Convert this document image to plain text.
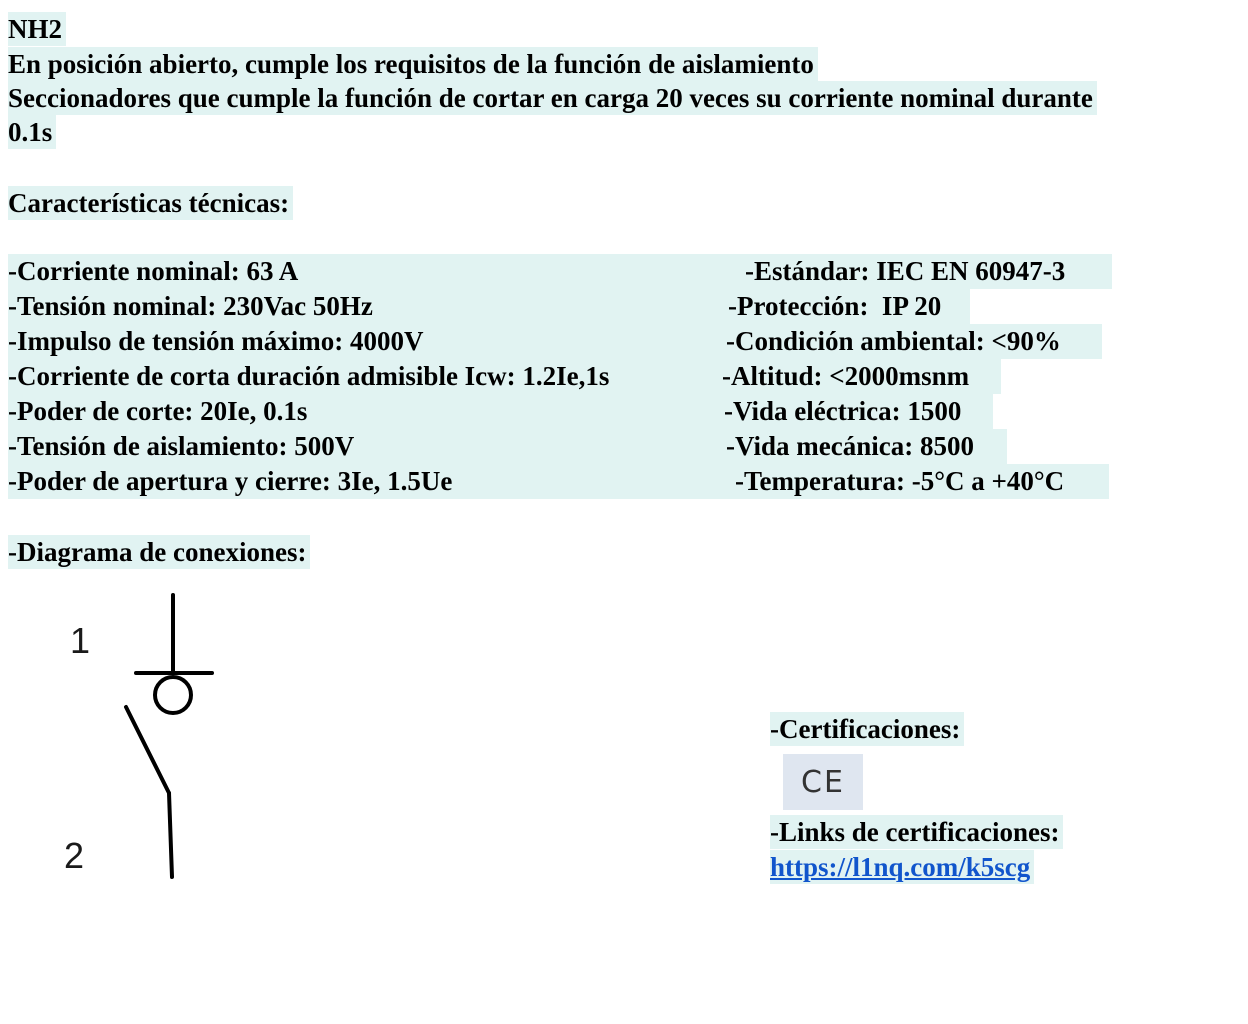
NH2
En posición abierto, cumple los requisitos de la función de aislamiento
Seccionadores que cumple la función de cortar en carga 20 veces su corriente nominal durante
0.1s
Características técnicas:
-Corriente nominal: 63 A	-Estándar: IEC EN 60947-3
-Tensión nominal: 230Vac 50Hz	-Protección:  IP 20
-Impulso de tensión máximo: 4000V	-Condición ambiental: <90%
-Corriente de corta duración admisible Icw: 1.2Ie,1s	-Altitud: <2000msnm
-Poder de corte: 20Ie, 0.1s	-Vida eléctrica: 1500
-Tensión de aislamiento: 500V	-Vida mecánica: 8500
-Poder de apertura y cierre: 3Ie, 1.5Ue	-Temperatura: -5°C a +40°C
-Diagrama de conexiones:
1
2
-Certificaciones:
CE
-Links de certificaciones:
https://l1nq.com/k5scg
